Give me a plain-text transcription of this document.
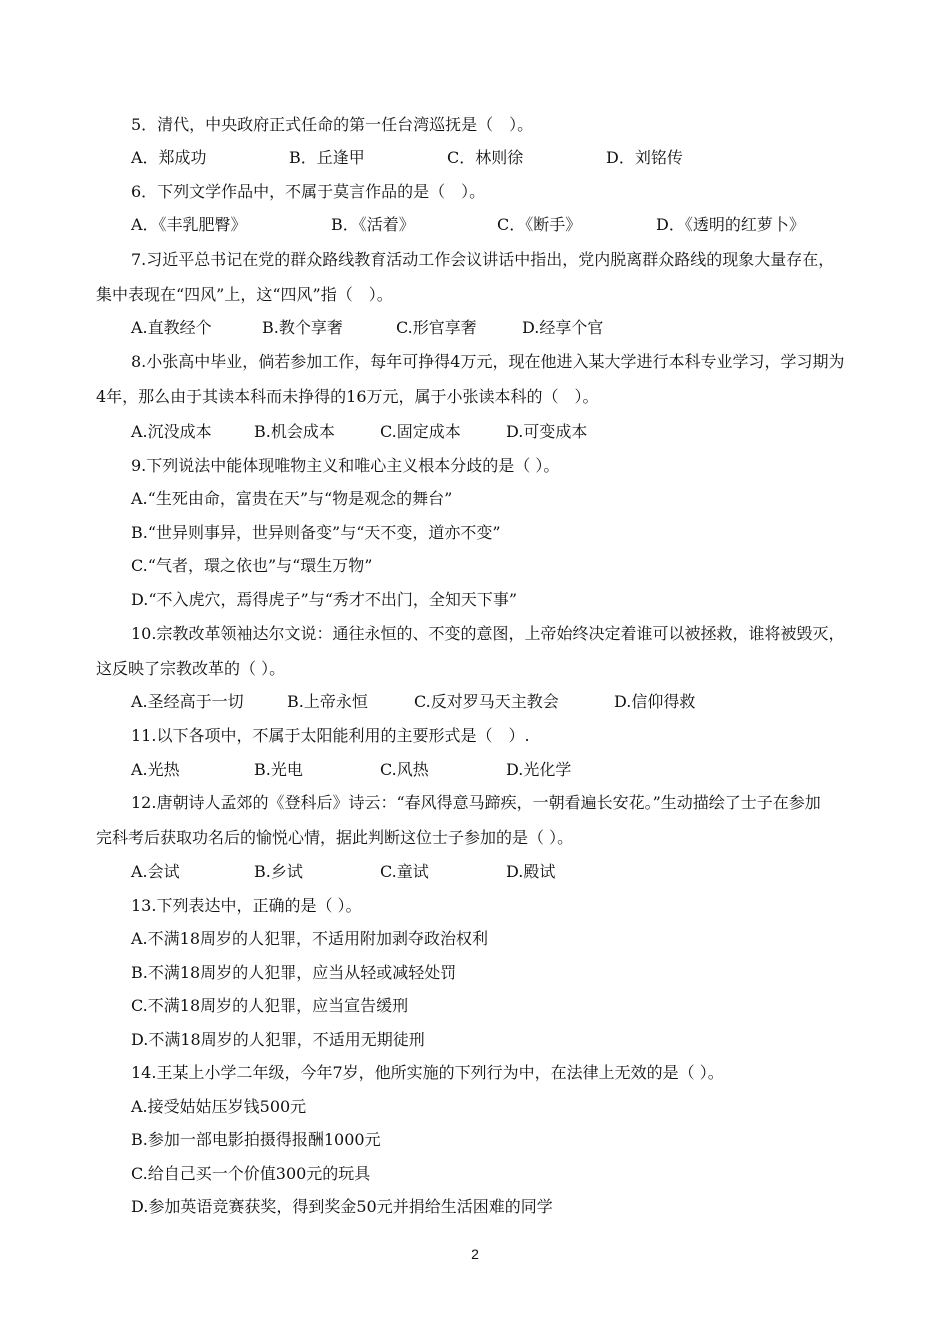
5．清代，中央政府正式任命的第一任台湾巡抚是（　）。
A．郑成功	B．丘逢甲	C．林则徐	D．刘铭传
6．下列文学作品中，不属于莫言作品的是（　）。
A．《丰乳肥臀》	B．《活着》	C．《断手》	D．《透明的红萝卜》
7.习近平总书记在党的群众路线教育活动工作会议讲话中指出，党内脱离群众路线的现象大量存在，
集中表现在“四风”上，这“四风”指（　）。
A.直教经个	B.教个享奢	C.形官享奢	D.经享个官
8.小张高中毕业，倘若参加工作，每年可挣得4万元，现在他进入某大学进行本科专业学习，学习期为
4年，那么由于其读本科而未挣得的16万元，属于小张读本科的（　）。
A.沉没成本	B.机会成本	C.固定成本	D.可变成本
9.下列说法中能体现唯物主义和唯心主义根本分歧的是（ ）。
A.“生死由命，富贵在天”与“物是观念的舞台”
B.“世异则事异，世异则备变”与“天不变，道亦不变”
C.“气者，環之依也”与“環生万物”
D.“不入虎穴，焉得虎子”与“秀才不出门，全知天下事”
10.宗教改革领袖达尔文说：通往永恒的、不变的意图，上帝始终决定着谁可以被拯救，谁将被毁灭，
这反映了宗教改革的（ ）。
A.圣经高于一切	B.上帝永恒	C.反对罗马天主教会	D.信仰得救
11.以下各项中，不属于太阳能利用的主要形式是（　）.
A.光热	B.光电	C.风热	D.光化学
12.唐朝诗人孟郊的《登科后》诗云：“春风得意马蹄疾，一朝看遍长安花。”生动描绘了士子在参加
完科考后获取功名后的愉悦心情，据此判断这位士子参加的是（ ）。
A.会试	B.乡试	C.童试	D.殿试
13.下列表达中，正确的是（ ）。
A.不满18周岁的人犯罪，不适用附加剥夺政治权利
B.不满18周岁的人犯罪，应当从轻或减轻处罚
C.不满18周岁的人犯罪，应当宣告缓刑
D.不满18周岁的人犯罪，不适用无期徒刑
14.王某上小学二年级，今年7岁，他所实施的下列行为中，在法律上无效的是（ ）。
A.接受姑姑压岁钱500元
B.参加一部电影拍摄得报酬1000元
C.给自己买一个价值300元的玩具
D.参加英语竞赛获奖，得到奖金50元并捐给生活困难的同学
2
